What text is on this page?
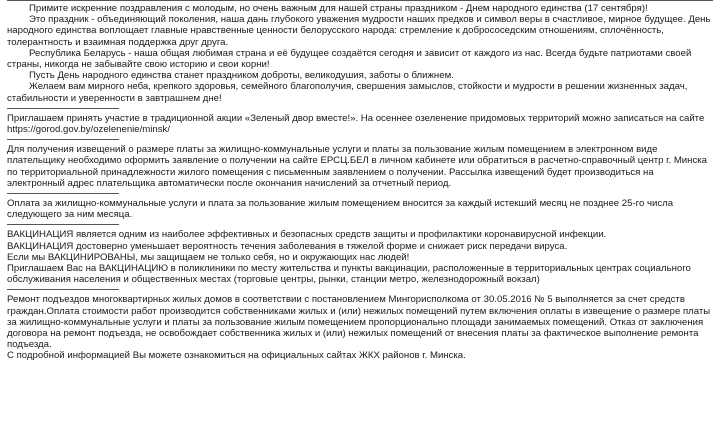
Примите искренние поздравления с молодым, но очень важным для нашей страны праздником - Днем народного единства (17 сентября)!

Это праздник - объединяющий поколения, наша дань глубокого уважения мудрости наших предков и символ веры в счастливое, мирное будущее. День народного единства воплощает главные нравственные ценности белорусского народа: стремление к добрососедским отношениям, сплочённость, толерантность и взаимная поддержка друг друга.

Республика Беларусь - наша общая любимая страна и её будущее создаётся сегодня и зависит от каждого из нас. Всегда будьте патриотами своей страны, никогда не забывайте свою историю и свои корни!

Пусть День народного единства станет праздником доброты, великодушия, заботы о ближнем.

Желаем вам мирного неба, крепкого здоровья, семейного благополучия, свершения замыслов, стойкости и мудрости в решении жизненных задач, стабильности и уверенности в завтрашнем дне!

Приглашаем принять участие в традиционной акции «Зеленый двор вместе!». На осеннее озеленение придомовых территорий можно записаться на сайте https://gorod.gov.by/ozelenenie/minsk/

Для получения извещений о размере платы за жилищно-коммунальные услуги и платы за пользование жилым помещением в электронном виде плательщику необходимо оформить заявление о получении на сайте ЕРСЦ.БЕЛ в личном кабинете или обратиться в расчетно-справочный центр г. Минска по территориальной принадлежности жилого помещения с письменным заявлением о получении. Рассылка извещений будет производиться на электронный адрес плательщика автоматически после окончания начислений за отчетный период.

Оплата за жилищно-коммунальные услуги и плата за пользование жилым помещением вносится за каждый истекший месяц не позднее 25-го числа следующего за ним месяца.

ВАКЦИНАЦИЯ является одним из наиболее эффективных и безопасных средств защиты и профилактики коронавирусной инфекции.

ВАКЦИНАЦИЯ достоверно уменьшает вероятность течения заболевания в тяжелой форме и снижает риск передачи вируса.

Если мы ВАКЦИНИРОВАНЫ, мы защищаем не только себя, но и окружающих нас людей!

Приглашаем Вас на ВАКЦИНАЦИЮ в поликлиники по месту жительства и пункты вакцинации, расположенные в территориальных центрах социального обслуживания населения и общественных местах (торговые центры, рынки, станции метро, железнодорожный вокзал)

Ремонт подъездов многоквартирных жилых домов в соответствии с постановлением Мингорисполкома от 30.05.2016 № 5 выполняется за счет средств граждан.Оплата стоимости работ производится собственниками жилых и (или) нежилых помещений путем включения оплаты в извещение о размере платы за жилищно-коммунальные услуги и платы за пользование жилым помещением пропорционально площади занимаемых помещений. Отказ от заключения договора на ремонт подъезда, не освобождает собственника жилых и (или) нежилых помещений от внесения платы за фактическое выполнение ремонта подъезда.

С подробной информацией Вы можете ознакомиться на официальных сайтах ЖКХ районов г. Минска.
